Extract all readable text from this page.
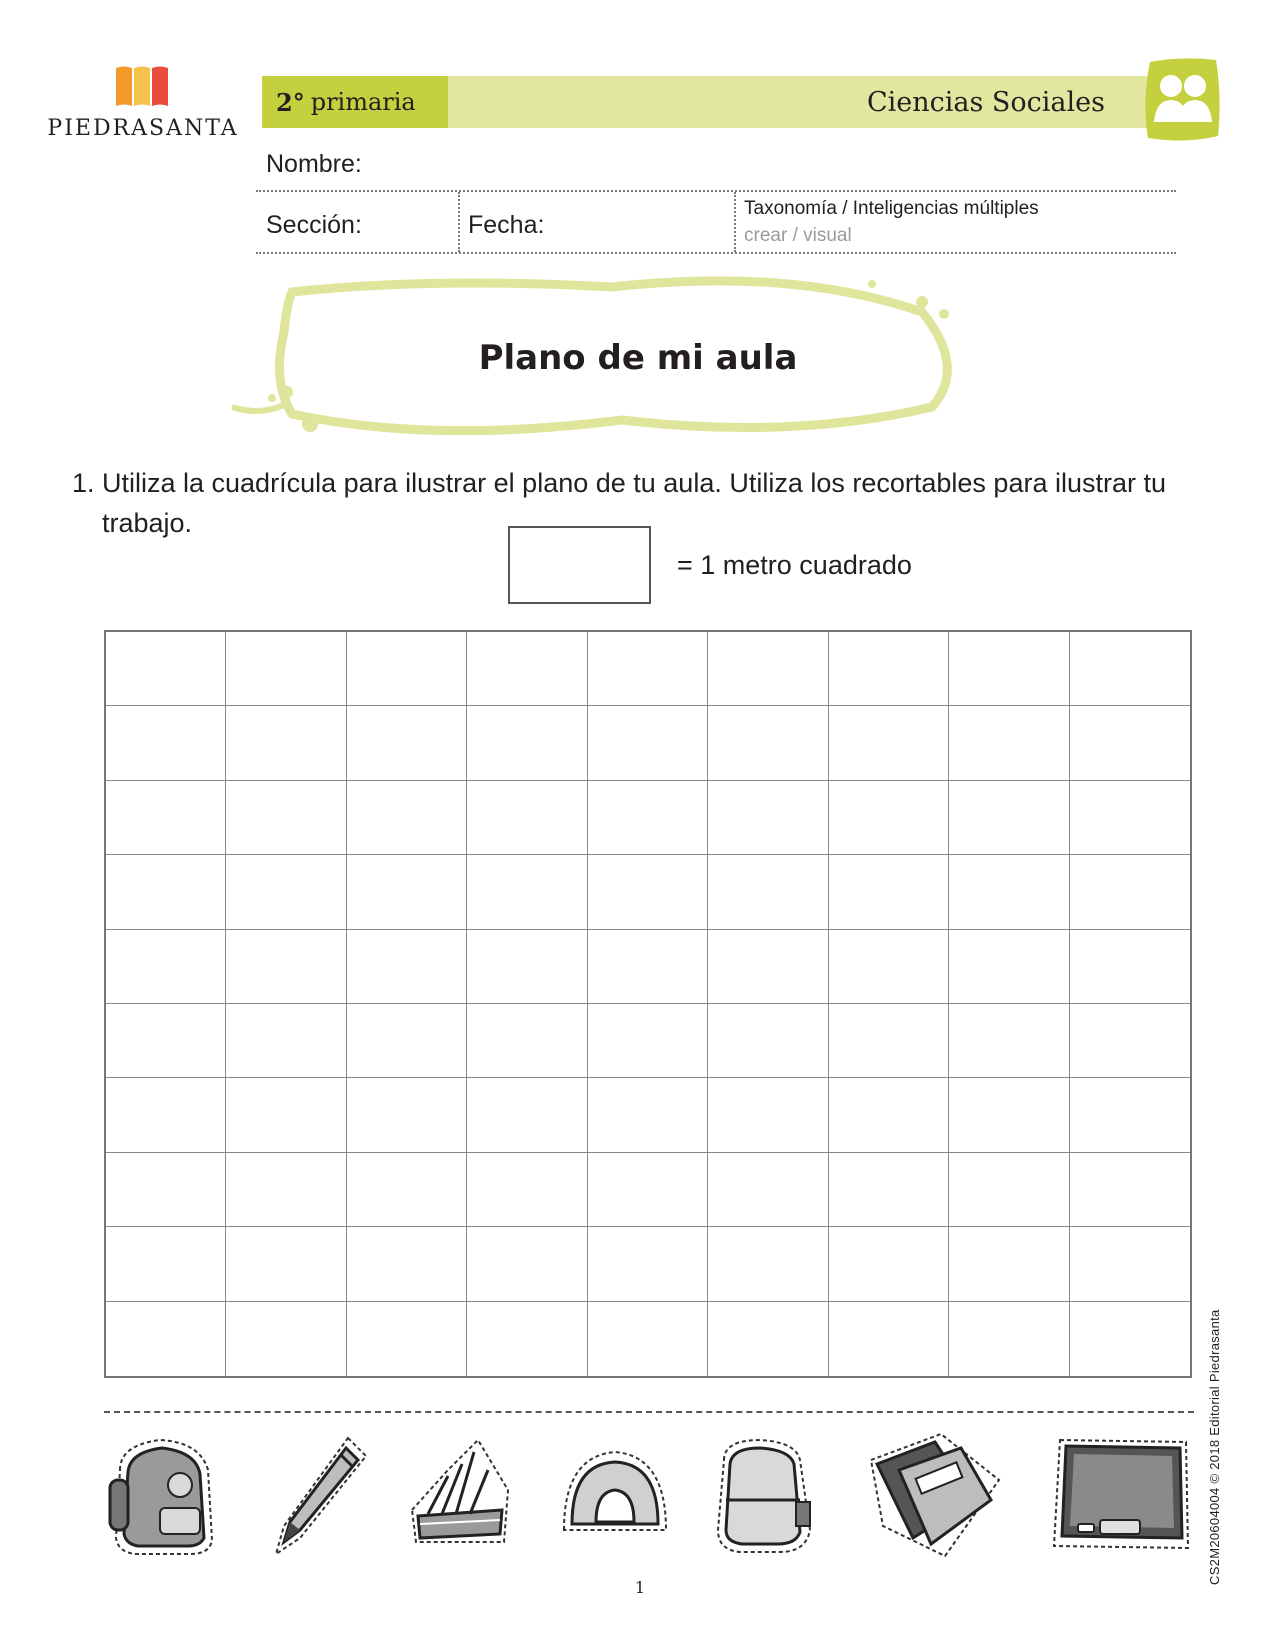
PIEDRASANTA
2° primaria	Ciencias Sociales
Nombre:
Sección:	Fecha:
Taxonomía / Inteligencias múltiples
crear / visual
Plano de mi aula
1. Utiliza la cuadrícula para ilustrar el plano de tu aula. Utiliza los recortables para ilustrar tu trabajo.
= 1 metro cuadrado
1
CS2M20604004 © 2018 Editorial Piedrasanta
